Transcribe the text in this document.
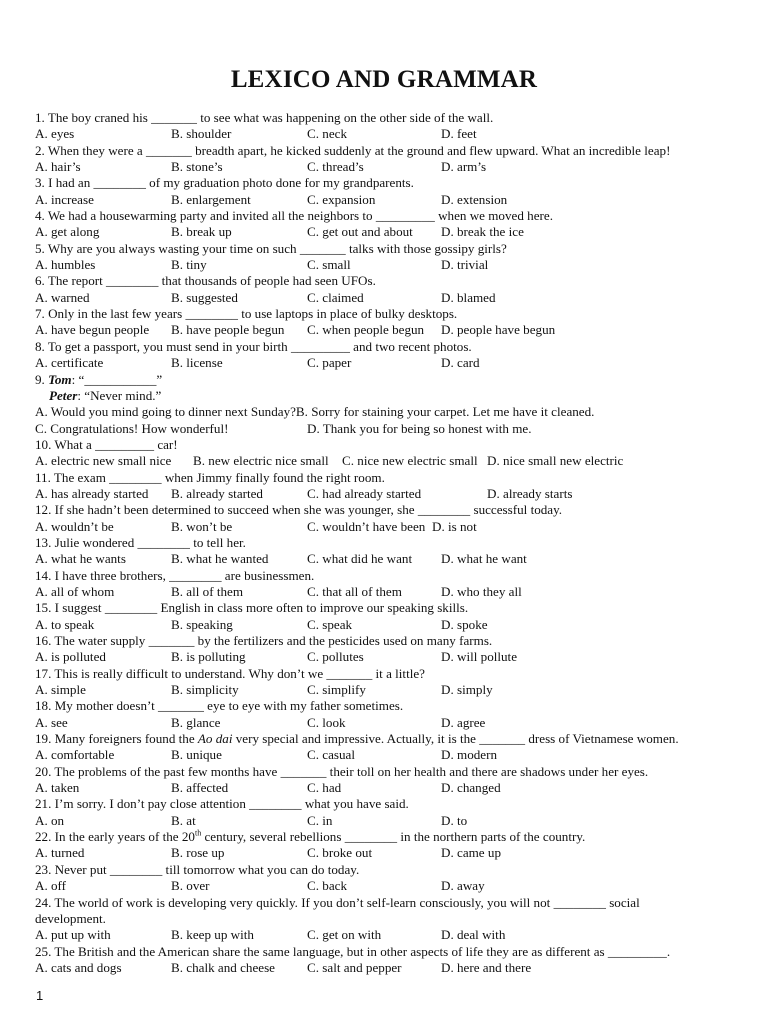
LEXICO AND GRAMMAR
1. The boy craned his _______ to see what was happening on the other side of the wall.
A. eyes	B. shoulder	C. neck	D. feet
2. When they were a _______ breadth apart, he kicked suddenly at the ground and flew upward. What an incredible leap!
A. hair’s	B. stone’s	C. thread’s	D. arm’s
3. I had an ________ of my graduation photo done for my grandparents.
A. increase	B. enlargement	C. expansion	D. extension
4. We had a housewarming party and invited all the neighbors to _________ when we moved here.
A. get along	B. break up	C. get out and about D. break the ice
5. Why are you always wasting your time on such _______ talks with those gossipy girls?
A. humbles	B. tiny	C. small	D. trivial
6. The report ________ that thousands of people had seen UFOs.
A. warned	B. suggested	C. claimed	D. blamed
7. Only in the last few years ________ to use laptops in place of bulky desktops.
A. have begun people B. have people begun C. when people begun D. people have begun
8. To get a passport, you must send in your birth _________ and two recent photos.
A. certificate	B. license	C. paper	D. card
9. Tom: “___________”
Peter: “Never mind.”
A. Would you mind going to dinner next Sunday?B. Sorry for staining your carpet. Let me have it cleaned.
C. Congratulations! How wonderful!	D. Thank you for being so honest with me.
10. What a _________ car!
A. electric new small nice B. new electric nice small C. nice new electric small D. nice small new electric
11. The exam ________ when Jimmy finally found the right room.
A. has already started B. already started	C. had already started	D. already starts
12. If she hadn’t been determined to succeed when she was younger, she ________ successful today.
A. wouldn’t be	B. won’t be	C. wouldn’t have been D. is not
13. Julie wondered ________ to tell her.
A. what he wants	B. what he wanted	C. what did he want D. what he want
14. I have three brothers, ________ are businessmen.
A. all of whom	B. all of them	C. that all of them	D. who they all
15. I suggest ________ English in class more often to improve our speaking skills.
A. to speak	B. speaking	C. speak	D. spoke
16. The water supply _______ by the fertilizers and the pesticides used on many farms.
A. is polluted	B. is polluting	C. pollutes	D. will pollute
17. This is really difficult to understand. Why don’t we _______ it a little?
A. simple	B. simplicity	C. simplify	D. simply
18. My mother doesn’t _______ eye to eye with my father sometimes.
A. see	B. glance	C. look	D. agree
19. Many foreigners found the Ao dai very special and impressive. Actually, it is the _______ dress of Vietnamese women.
A. comfortable	B. unique	C. casual	D. modern
20. The problems of the past few months have _______ their toll on her health and there are shadows under her eyes.
A. taken	B. affected	C. had	D. changed
21. I’m sorry. I don’t pay close attention ________ what you have said.
A. on	B. at	C. in	D. to
22. In the early years of the 20th century, several rebellions ________ in the northern parts of the country.
A. turned	B. rose up	C. broke out	D. came up
23. Never put ________ till tomorrow what you can do today.
A. off	B. over	C. back	D. away
24. The world of work is developing very quickly. If you don’t self-learn consciously, you will not ________ social
development.
A. put up with	B. keep up with	C. get on with	D. deal with
25. The British and the American share the same language, but in other aspects of life they are as different as _________.
A. cats and dogs	B. chalk and cheese C. salt and pepper	D. here and there
1
